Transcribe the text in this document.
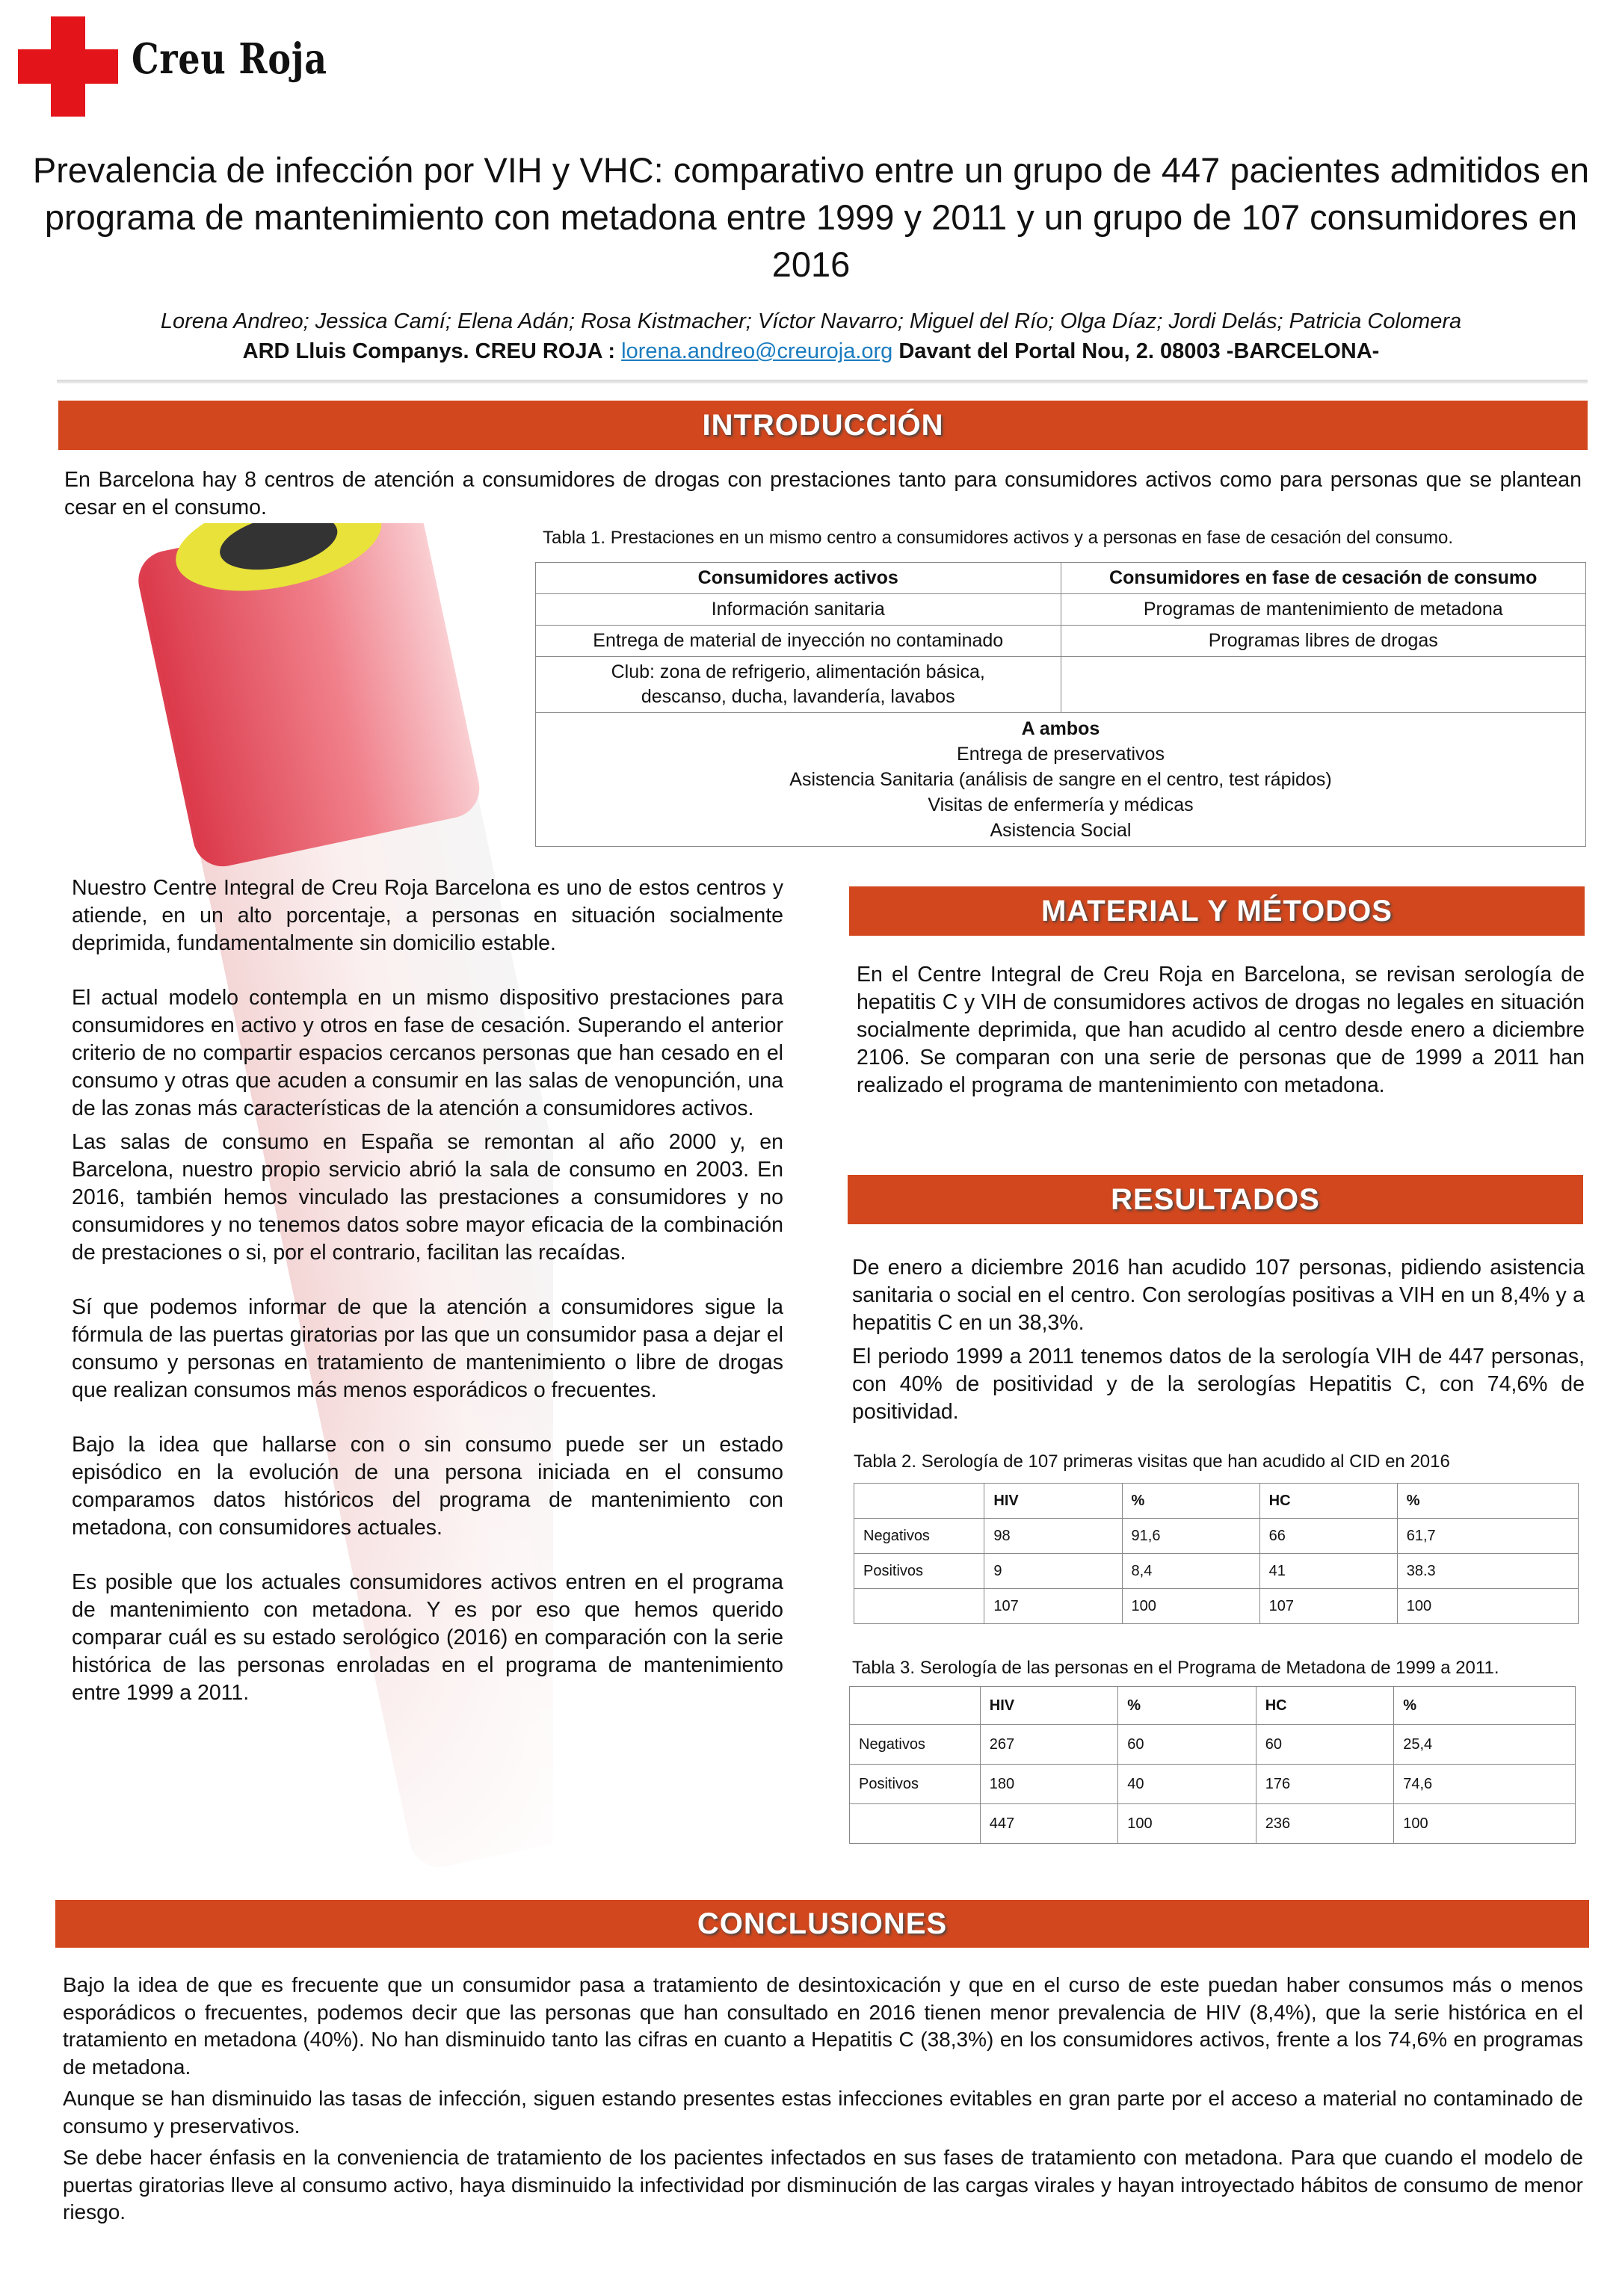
Creu Roja
Prevalencia de infección por VIH y VHC: comparativo entre un grupo de 447 pacientes admitidos en programa de mantenimiento con metadona entre 1999 y 2011 y un grupo de 107 consumidores en 2016
Lorena Andreo; Jessica Camí; Elena Adán; Rosa Kistmacher; Víctor Navarro; Miguel del Río; Olga Díaz; Jordi Delás; Patricia Colomera
ARD Lluis Companys. CREU ROJA : lorena.andreo@creuroja.org Davant del Portal Nou, 2. 08003 -BARCELONA-
INTRODUCCIÓN
En Barcelona hay 8 centros de atención a consumidores de drogas con prestaciones tanto para consumidores activos como para personas que se plantean cesar en el consumo.
Tabla 1. Prestaciones en un mismo centro a consumidores activos y a personas en fase de cesación del consumo.
Consumidores activos	Consumidores en fase de cesación de consumo
Información sanitaria	Programas de mantenimiento de metadona
Entrega de material de inyección no contaminado	Programas libres de drogas
Club: zona de refrigerio, alimentación básica, descanso, ducha, lavandería, lavabos	

A ambos
Entrega de preservativos
Asistencia Sanitaria (análisis de sangre en el centro, test rápidos)
Visitas de enfermería y médicas
Asistencia Social	

Nuestro Centre Integral de Creu Roja Barcelona es uno de estos centros y atiende, en un alto porcentaje, a personas en situación socialmente deprimida, fundamentalmente sin domicilio estable.

El actual modelo contempla en un mismo dispositivo prestaciones para consumidores en activo y otros en fase de cesación. Superando el anterior criterio de no compartir espacios cercanos personas que han cesado en el consumo y otras que acuden a consumir en las salas de venopunción, una de las zonas más características de la atención a consumidores activos.

Las salas de consumo en España se remontan al año 2000 y, en Barcelona, nuestro propio servicio abrió la sala de consumo en 2003. En 2016, también hemos vinculado las prestaciones a consumidores y no consumidores y no tenemos datos sobre mayor eficacia de la combinación de prestaciones o si, por el contrario, facilitan las recaídas.

Sí que podemos informar de que la atención a consumidores sigue la fórmula de las puertas giratorias por las que un consumidor pasa a dejar el consumo y personas en tratamiento de mantenimiento o libre de drogas que realizan consumos más menos esporádicos o frecuentes.

Bajo la idea que hallarse con o sin consumo puede ser un estado episódico en la evolución de una persona iniciada en el consumo comparamos datos históricos del programa de mantenimiento con metadona, con consumidores actuales.

Es posible que los actuales consumidores activos entren en el programa de mantenimiento con metadona. Y es por eso que hemos querido comparar cuál es su estado serológico (2016) en comparación con la serie histórica de las personas enroladas en el programa de mantenimiento entre 1999 a 2011.

MATERIAL Y MÉTODOS
En el Centre Integral de Creu Roja en Barcelona, se revisan serología de hepatitis C y VIH de consumidores activos de drogas no legales en situación socialmente deprimida, que han acudido al centro desde enero a diciembre 2106. Se comparan con una serie de personas que de 1999 a 2011 han realizado el programa de mantenimiento con metadona.
RESULTADOS

De enero a diciembre 2016 han acudido 107 personas, pidiendo asistencia sanitaria o social en el centro. Con serologías positivas a VIH en un 8,4% y a hepatitis C en un 38,3%.

El periodo 1999 a 2011 tenemos datos de la serología VIH de 447 personas, con 40% de positividad y de la serologías Hepatitis C, con 74,6% de positividad.

Tabla 2. Serología de 107 primeras visitas que han acudido al CID en 2016
	HIV	%	HC	%
Negativos	98	91,6	66	61,7
Positivos	9	8,4	41	38.3
	107	100	107	100
Tabla 3. Serología de las personas en el Programa de Metadona de 1999 a 2011.
	HIV	%	HC	%
Negativos	267	60	60	25,4
Positivos	180	40	176	74,6
	447	100	236	100
CONCLUSIONES

Bajo la idea de que es frecuente que un consumidor pasa a tratamiento de desintoxicación y que en el curso de este puedan haber consumos más o menos esporádicos o frecuentes, podemos decir que las personas que han consultado en 2016 tienen menor prevalencia de HIV (8,4%), que la serie histórica en el tratamiento en metadona (40%). No han disminuido tanto las cifras en cuanto a Hepatitis C (38,3%) en los consumidores activos, frente a los 74,6% en programas de metadona.

Aunque se han disminuido las tasas de infección, siguen estando presentes estas infecciones evitables en gran parte por el acceso a material no contaminado de consumo y preservativos.

Se debe hacer énfasis en la conveniencia de tratamiento de los pacientes infectados en sus fases de tratamiento con metadona. Para que cuando el modelo de puertas giratorias lleve al consumo activo, haya disminuido la infectividad por disminución de las cargas virales y hayan introyectado hábitos de consumo de menor riesgo.
